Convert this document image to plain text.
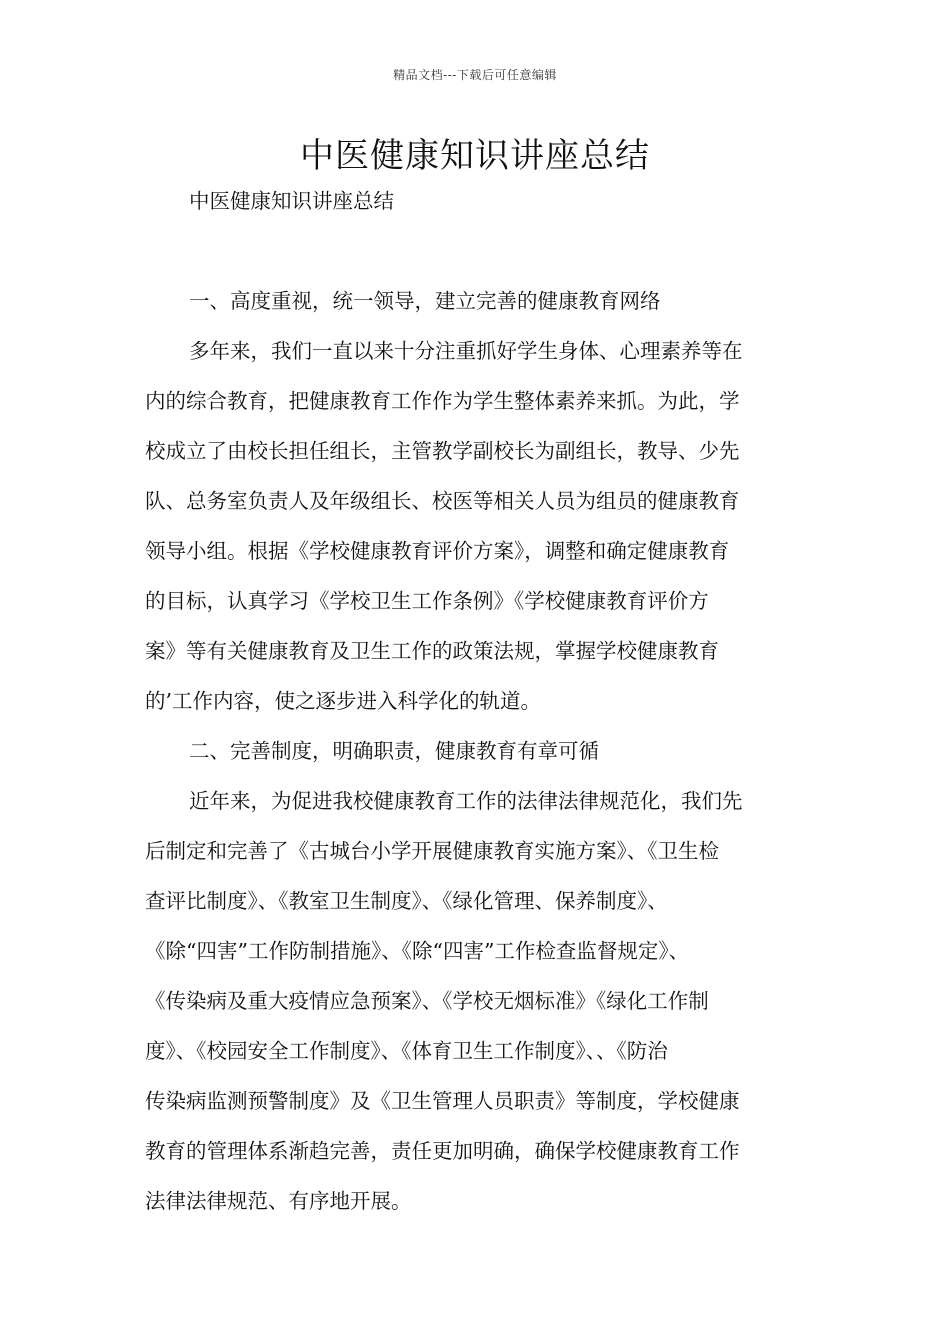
精品文档---下载后可任意编辑
中医健康知识讲座总结
中医健康知识讲座总结
一、高度重视，统一领导，建立完善的健康教育网络
多年来，我们一直以来十分注重抓好学生身体、心理素养等在
内的综合教育，把健康教育工作作为学生整体素养来抓。为此，学
校成立了由校长担任组长，主管教学副校长为副组长，教导、少先
队、总务室负责人及年级组长、校医等相关人员为组员的健康教育
领导小组。根据《学校健康教育评价方案》，调整和确定健康教育
的目标，认真学习《学校卫生工作条例》《学校健康教育评价方
案》等有关健康教育及卫生工作的政策法规，掌握学校健康教育
的’工作内容，使之逐步进入科学化的轨道。
二、完善制度，明确职责，健康教育有章可循
近年来，为促进我校健康教育工作的法律法律规范化，我们先
后制定和完善了《古城台小学开展健康教育实施方案》、《卫生检
查评比制度》、《教室卫生制度》、《绿化管理、保养制度》、
《除“四害”工作防制措施》、《除“四害”工作检查监督规定》、
《传染病及重大疫情应急预案》、《学校无烟标准》《绿化工作制
度》、《校园安全工作制度》、《体育卫生工作制度》、、《防治
传染病监测预警制度》及《卫生管理人员职责》等制度，学校健康
教育的管理体系渐趋完善，责任更加明确，确保学校健康教育工作
法律法律规范、有序地开展。
